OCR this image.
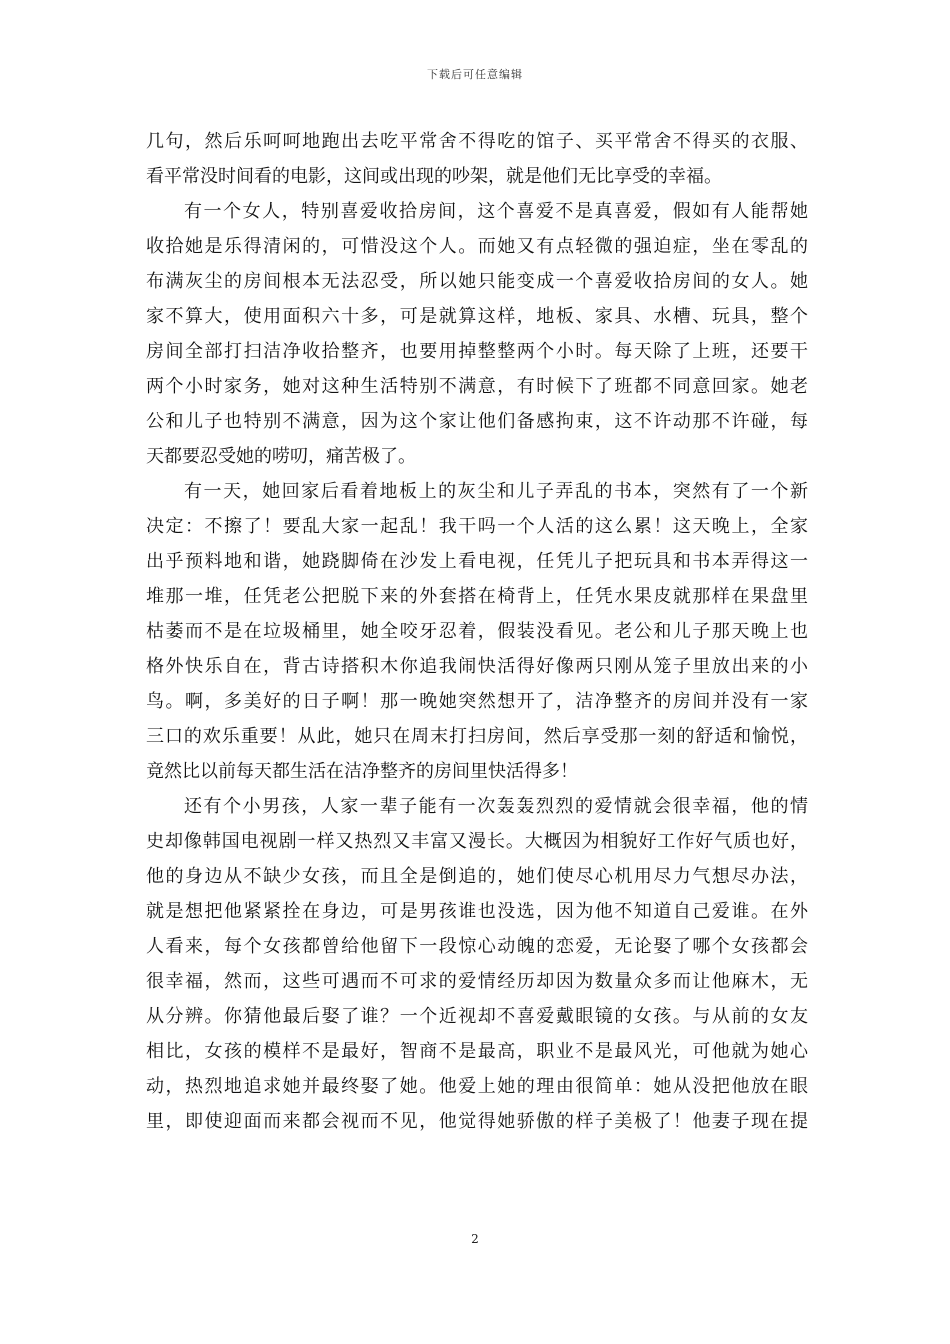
下载后可任意编辑
几句，然后乐呵呵地跑出去吃平常舍不得吃的馆子、买平常舍不得买的衣服、
看平常没时间看的电影，这间或出现的吵架，就是他们无比享受的幸福。
有一个女人，特别喜爱收拾房间，这个喜爱不是真喜爱，假如有人能帮她
收拾她是乐得清闲的，可惜没这个人。而她又有点轻微的强迫症，坐在零乱的
布满灰尘的房间根本无法忍受，所以她只能变成一个喜爱收拾房间的女人。她
家不算大，使用面积六十多，可是就算这样，地板、家具、水槽、玩具，整个
房间全部打扫洁净收拾整齐，也要用掉整整两个小时。每天除了上班，还要干
两个小时家务，她对这种生活特别不满意，有时候下了班都不同意回家。她老
公和儿子也特别不满意，因为这个家让他们备感拘束，这不许动那不许碰，每
天都要忍受她的唠叨，痛苦极了。
有一天，她回家后看着地板上的灰尘和儿子弄乱的书本，突然有了一个新
决定：不擦了！要乱大家一起乱！我干吗一个人活的这么累！这天晚上，全家
出乎预料地和谐，她跷脚倚在沙发上看电视，任凭儿子把玩具和书本弄得这一
堆那一堆，任凭老公把脱下来的外套搭在椅背上，任凭水果皮就那样在果盘里
枯萎而不是在垃圾桶里，她全咬牙忍着，假装没看见。老公和儿子那天晚上也
格外快乐自在，背古诗搭积木你追我闹快活得好像两只刚从笼子里放出来的小
鸟。啊，多美好的日子啊！那一晚她突然想开了，洁净整齐的房间并没有一家
三口的欢乐重要！从此，她只在周末打扫房间，然后享受那一刻的舒适和愉悦，
竟然比以前每天都生活在洁净整齐的房间里快活得多！
还有个小男孩，人家一辈子能有一次轰轰烈烈的爱情就会很幸福，他的情
史却像韩国电视剧一样又热烈又丰富又漫长。大概因为相貌好工作好气质也好，
他的身边从不缺少女孩，而且全是倒追的，她们使尽心机用尽力气想尽办法，
就是想把他紧紧拴在身边，可是男孩谁也没选，因为他不知道自己爱谁。在外
人看来，每个女孩都曾给他留下一段惊心动魄的恋爱，无论娶了哪个女孩都会
很幸福，然而，这些可遇而不可求的爱情经历却因为数量众多而让他麻木，无
从分辨。你猜他最后娶了谁？一个近视却不喜爱戴眼镜的女孩。与从前的女友
相比，女孩的模样不是最好，智商不是最高，职业不是最风光，可他就为她心
动，热烈地追求她并最终娶了她。他爱上她的理由很简单：她从没把他放在眼
里，即使迎面而来都会视而不见，他觉得她骄傲的样子美极了！他妻子现在提
2
